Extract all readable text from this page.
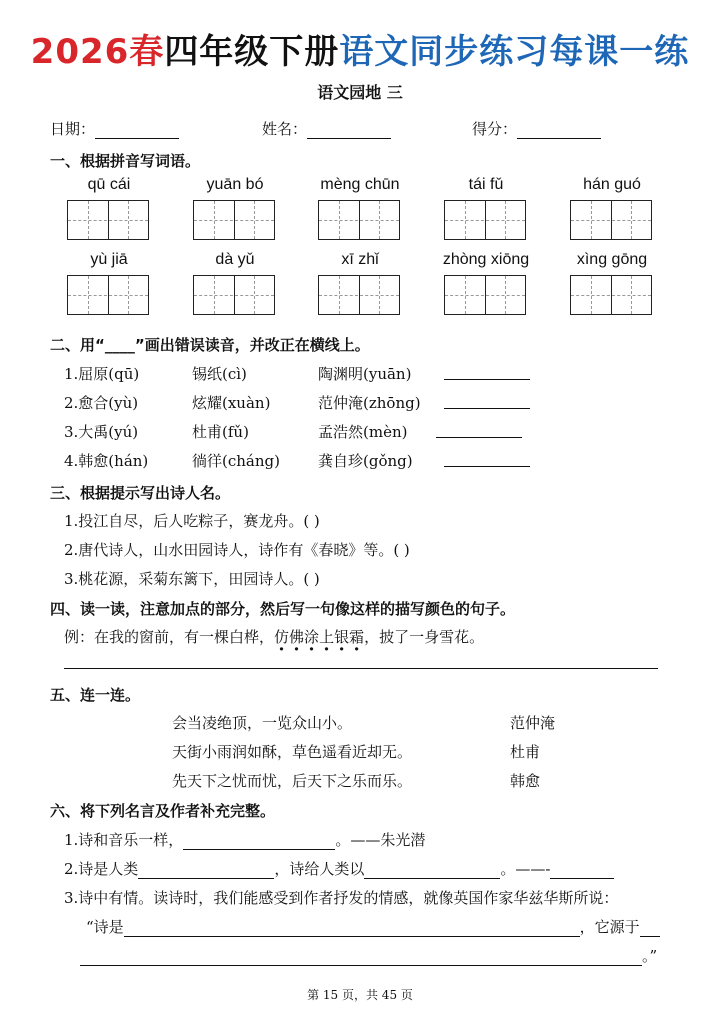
2026春四年级下册语文同步练习每课一练
语文园地 三
日期：	姓名：	得分：
一、根据拼音写词语。
qū cái	yuān bó	mèng chūn	tái fǔ	hán guó
yù jiā	dà yǔ	xī zhǐ	zhòng xiōng	xìng gōng
二、用“____”画出错误读音，并改正在横线上。
1.屈原(qū)	锡纸(cì)	陶渊明(yuān)
2.愈合(yù)	炫耀(xuàn)	范仲淹(zhōng)
3.大禹(yú)	杜甫(fǔ)	孟浩然(mèn)
4.韩愈(hán)	徜徉(cháng)	龚自珍(gǒng)
三、根据提示写出诗人名。
1.投江自尽，后人吃粽子，赛龙舟。( )
2.唐代诗人，山水田园诗人，诗作有《春晓》等。( )
3.桃花源，采菊东篱下，田园诗人。( )
四、读一读，注意加点的部分，然后写一句像这样的描写颜色的句子。
例：在我的窗前，有一棵白桦，仿佛涂上银霜，披了一身雪花。
五、连一连。
会当凌绝顶，一览众山小。
天街小雨润如酥，草色遥看近却无。
先天下之忧而忧，后天下之乐而乐。
范仲淹
杜甫
韩愈
六、将下列名言及作者补充完整。
1.诗和音乐一样，	。——朱光潜
2.诗是人类	，诗给人类以	。——-
3.诗中有情。读诗时，我们能感受到作者抒发的情感，就像英国作家华兹华斯所说：
“诗是	，它源于
。”
第 15 页，共 45 页
